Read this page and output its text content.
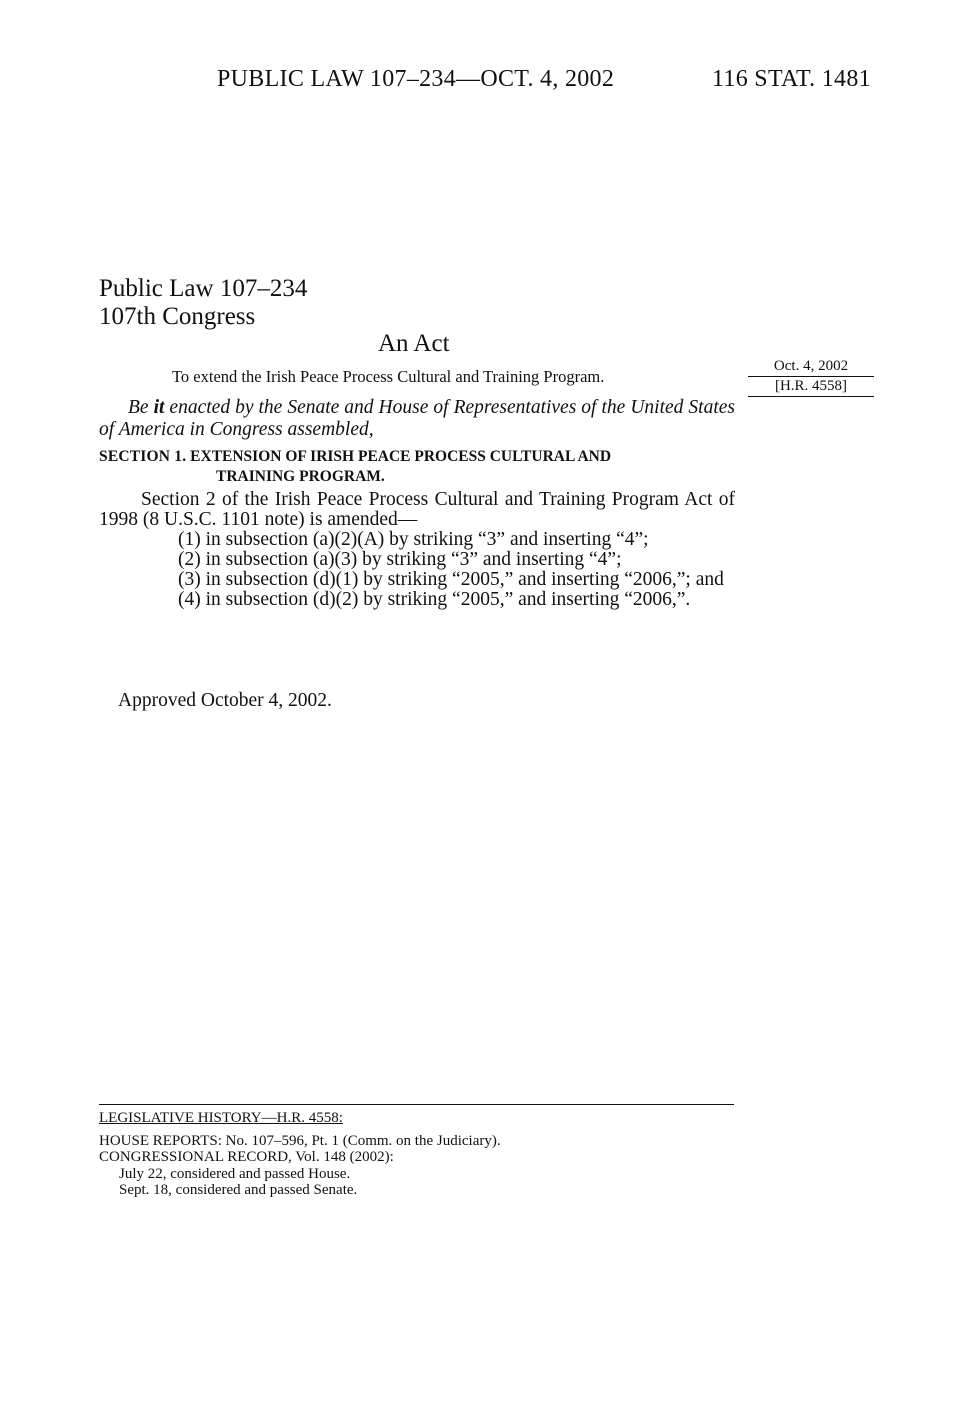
PUBLIC LAW 107–234—OCT. 4, 2002	116 STAT. 1481
Public Law 107–234
107th Congress
An Act
To extend the Irish Peace Process Cultural and Training Program.
Oct. 4, 2002
[H.R. 4558]
Be it enacted by the Senate and House of Representatives of the United States of America in Congress assembled,
SECTION 1. EXTENSION OF IRISH PEACE PROCESS CULTURAL AND
TRAINING PROGRAM.

Section 2 of the Irish Peace Process Cultural and Training Program Act of 1998 (8 U.S.C. 1101 note) is amended—

(1) in subsection (a)(2)(A) by striking “3” and inserting “4”;

(2) in subsection (a)(3) by striking “3” and inserting “4”;

(3) in subsection (d)(1) by striking “2005,” and inserting “2006,”; and

(4) in subsection (d)(2) by striking “2005,” and inserting “2006,”.

Approved October 4, 2002.
LEGISLATIVE HISTORY—H.R. 4558:
HOUSE REPORTS: No. 107–596, Pt. 1 (Comm. on the Judiciary).
CONGRESSIONAL RECORD, Vol. 148 (2002):
July 22, considered and passed House.
Sept. 18, considered and passed Senate.
